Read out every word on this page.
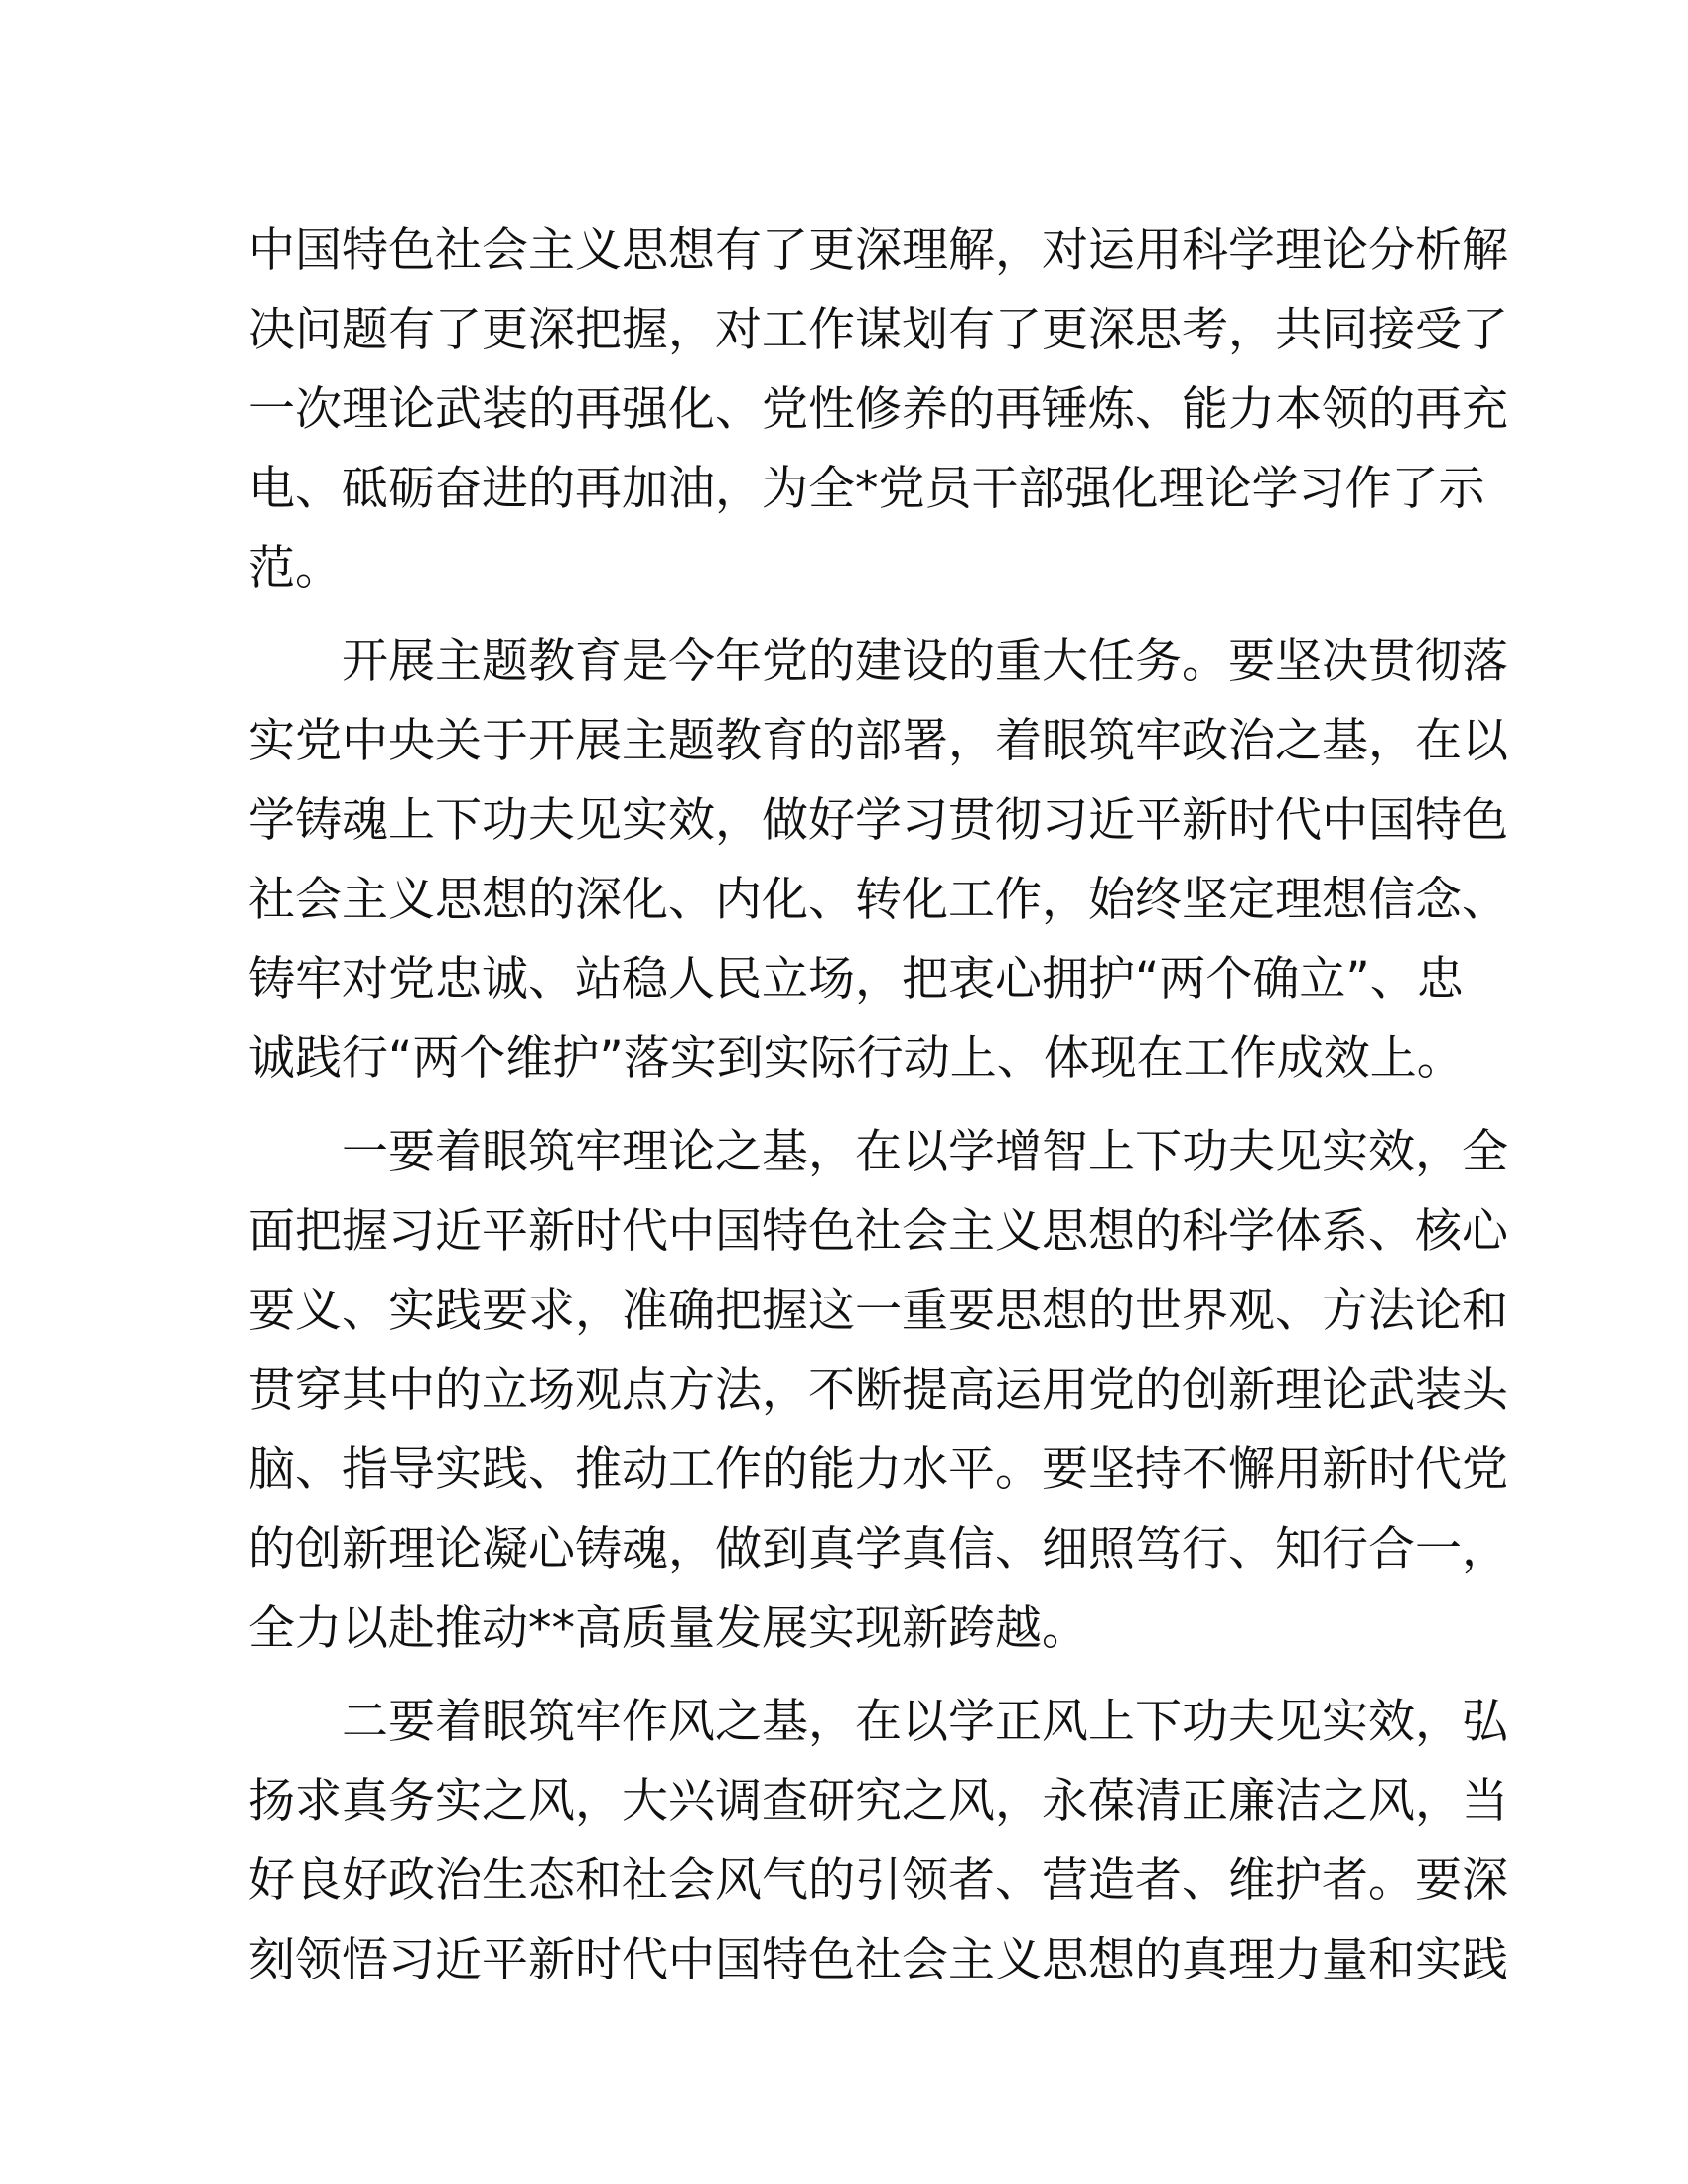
中国特色社会主义思想有了更深理解，对运用科学理论分析解
决问题有了更深把握，对工作谋划有了更深思考，共同接受了
一次理论武装的再强化、党性修养的再锤炼、能力本领的再充
电、砥砺奋进的再加油，为全*党员干部强化理论学习作了示
范。
开展主题教育是今年党的建设的重大任务。要坚决贯彻落
实党中央关于开展主题教育的部署，着眼筑牢政治之基，在以
学铸魂上下功夫见实效，做好学习贯彻习近平新时代中国特色
社会主义思想的深化、内化、转化工作，始终坚定理想信念、
铸牢对党忠诚、站稳人民立场，把衷心拥护“两个确立”、忠
诚践行“两个维护”落实到实际行动上、体现在工作成效上。
一要着眼筑牢理论之基，在以学增智上下功夫见实效，全
面把握习近平新时代中国特色社会主义思想的科学体系、核心
要义、实践要求，准确把握这一重要思想的世界观、方法论和
贯穿其中的立场观点方法，不断提高运用党的创新理论武装头
脑、指导实践、推动工作的能力水平。要坚持不懈用新时代党
的创新理论凝心铸魂，做到真学真信、细照笃行、知行合一，
全力以赴推动**高质量发展实现新跨越。
二要着眼筑牢作风之基，在以学正风上下功夫见实效，弘
扬求真务实之风，大兴调查研究之风，永葆清正廉洁之风，当
好良好政治生态和社会风气的引领者、营造者、维护者。要深
刻领悟习近平新时代中国特色社会主义思想的真理力量和实践
